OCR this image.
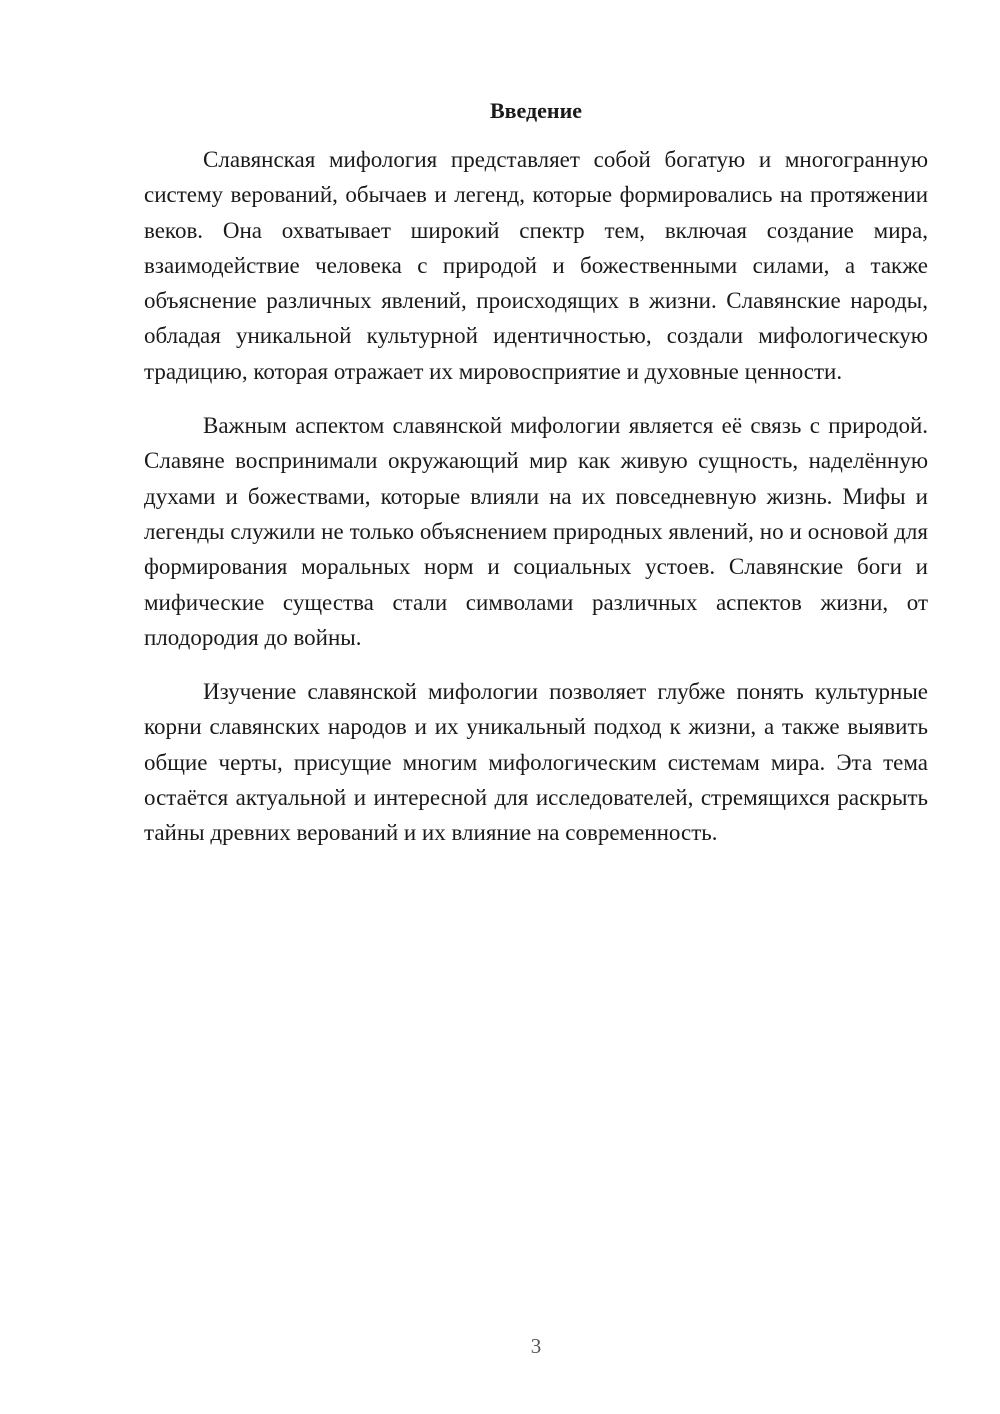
Введение

Славянская мифология представляет собой богатую и многогранную систему верований, обычаев и легенд, которые формировались на протяжении веков. Она охватывает широкий спектр тем, включая создание мира, взаимодействие человека с природой и божественными силами, а также объяснение различных явлений, происходящих в жизни. Славянские народы, обладая уникальной культурной идентичностью, создали мифологическую традицию, которая отражает их мировосприятие и духовные ценности.

Важным аспектом славянской мифологии является её связь с природой. Славяне воспринимали окружающий мир как живую сущность, наделённую духами и божествами, которые влияли на их повседневную жизнь. Мифы и легенды служили не только объяснением природных явлений, но и основой для формирования моральных норм и социальных устоев. Славянские боги и мифические существа стали символами различных аспектов жизни, от плодородия до войны.

Изучение славянской мифологии позволяет глубже понять культурные корни славянских народов и их уникальный подход к жизни, а также выявить общие черты, присущие многим мифологическим системам мира. Эта тема остаётся актуальной и интересной для исследователей, стремящихся раскрыть тайны древних верований и их влияние на современность.

3
